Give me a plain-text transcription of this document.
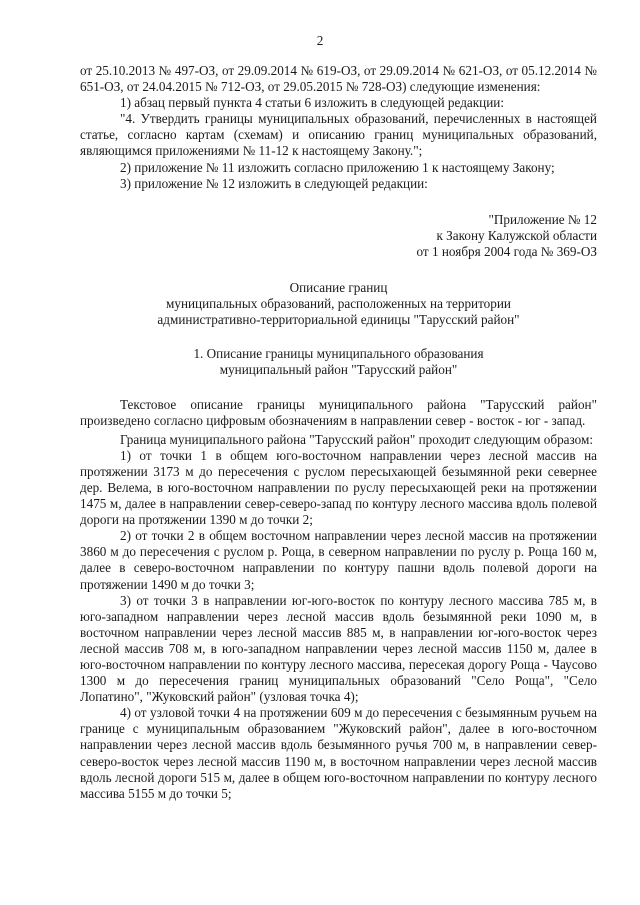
2

от 25.10.2013 № 497-ОЗ, от 29.09.2014 № 619-ОЗ, от 29.09.2014 № 621-ОЗ, от 05.12.2014 № 651-ОЗ, от 24.04.2015 № 712-ОЗ, от 29.05.2015 № 728-ОЗ) следующие изменения:

1) абзац первый пункта 4 статьи 6 изложить в следующей редакции:

"4. Утвердить границы муниципальных образований, перечисленных в настоящей статье, согласно картам (схемам) и описанию границ муниципальных образований, являющимся приложениями № 11-12 к настоящему Закону.";

2) приложение № 11 изложить согласно приложению 1 к настоящему Закону;

3) приложение № 12 изложить в следующей редакции:

"Приложение № 12

к Закону Калужской области

от 1 ноября 2004 года № 369-ОЗ

Описание границ

муниципальных образований, расположенных на территории

административно-территориальной единицы "Тарусский район"

1. Описание границы муниципального образования

муниципальный район "Тарусский район"

Текстовое описание границы муниципального района "Тарусский район" произведено согласно цифровым обозначениям в направлении север - восток - юг - запад.

Граница муниципального района "Тарусский район" проходит следующим образом:

1) от точки 1 в общем юго-восточном направлении через лесной массив на протяжении 3173 м до пересечения с руслом пересыхающей безымянной реки севернее дер. Велема, в юго-восточном направлении по руслу пересыхающей реки на протяжении 1475 м, далее в направлении север-северо-запад по контуру лесного массива вдоль полевой дороги на протяжении 1390 м до точки 2;

2) от точки 2 в общем восточном направлении через лесной массив на протяжении 3860 м до пересечения с руслом р. Роща, в северном направлении по руслу р. Роща 160 м, далее в северо-восточном направлении по контуру пашни вдоль полевой дороги на протяжении 1490 м до точки 3;

3) от точки 3 в направлении юг-юго-восток по контуру лесного массива 785 м, в юго-западном направлении через лесной массив вдоль безымянной реки 1090 м, в восточном направлении через лесной массив 885 м, в направлении юг-юго-восток через лесной массив 708 м, в юго-западном направлении через лесной массив 1150 м, далее в юго-восточном направлении по контуру лесного массива, пересекая дорогу Роща - Чаусово 1300 м до пересечения границ муниципальных образований "Село Роща", "Село Лопатино", "Жуковский район" (узловая точка 4);

4) от узловой точки 4 на протяжении 609 м до пересечения с безымянным ручьем на границе с муниципальным образованием "Жуковский район", далее в юго-восточном направлении через лесной массив вдоль безымянного ручья 700 м, в направлении север-северо-восток через лесной массив 1190 м, в восточном направлении через лесной массив вдоль лесной дороги 515 м, далее в общем юго-восточном направлении по контуру лесного массива 5155 м до точки 5;
